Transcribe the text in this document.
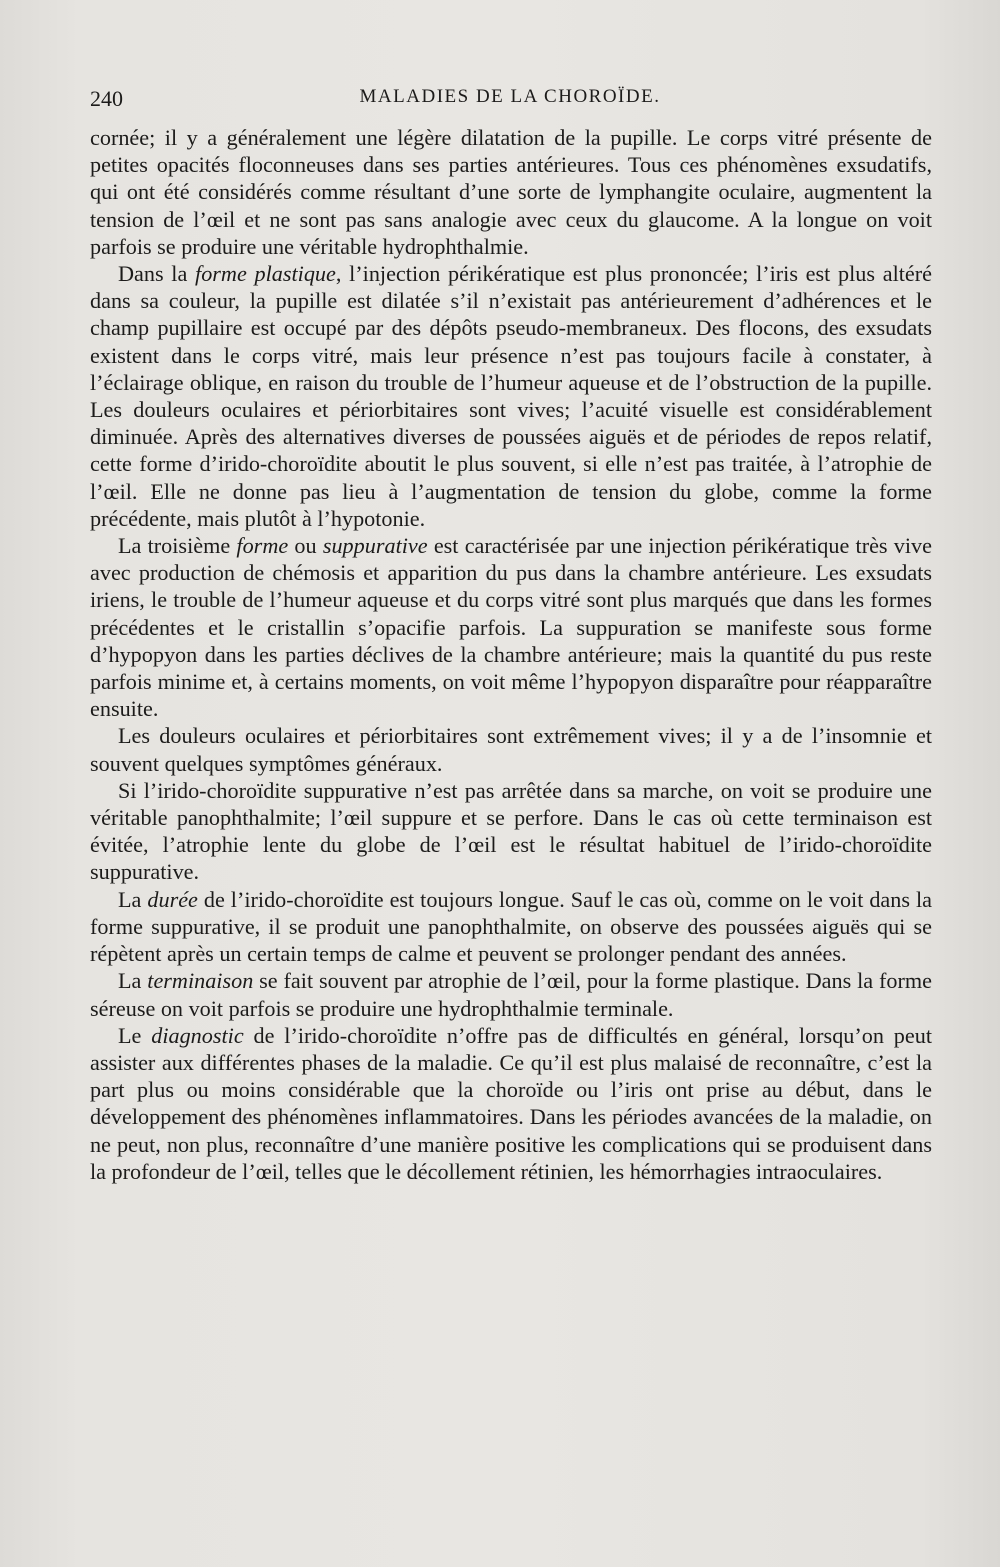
240	MALADIES DE LA CHOROÏDE.

cornée; il y a généralement une légère dilatation de la pupille. Le corps vitré présente de petites opacités floconneuses dans ses parties antérieures. Tous ces phénomènes exsudatifs, qui ont été considérés comme résultant d’une sorte de lymphangite oculaire, augmentent la tension de l’œil et ne sont pas sans analogie avec ceux du glaucome. A la longue on voit parfois se produire une véritable hydrophthalmie.

Dans la forme plastique, l’injection périkératique est plus prononcée; l’iris est plus altéré dans sa couleur, la pupille est dilatée s’il n’existait pas antérieurement d’adhérences et le champ pupillaire est occupé par des dépôts pseudo-membraneux. Des flocons, des exsudats existent dans le corps vitré, mais leur présence n’est pas toujours facile à constater, à l’éclairage oblique, en raison du trouble de l’humeur aqueuse et de l’obstruction de la pupille. Les douleurs oculaires et périorbitaires sont vives; l’acuité visuelle est considérablement diminuée. Après des alternatives diverses de poussées aiguës et de périodes de repos relatif, cette forme d’irido-choroïdite aboutit le plus souvent, si elle n’est pas traitée, à l’atrophie de l’œil. Elle ne donne pas lieu à l’augmentation de tension du globe, comme la forme précédente, mais plutôt à l’hypotonie.

La troisième forme ou suppurative est caractérisée par une injection périkératique très vive avec production de chémosis et apparition du pus dans la chambre antérieure. Les exsudats iriens, le trouble de l’humeur aqueuse et du corps vitré sont plus marqués que dans les formes précédentes et le cristallin s’opacifie parfois. La suppuration se manifeste sous forme d’hypopyon dans les parties déclives de la chambre antérieure; mais la quantité du pus reste parfois minime et, à certains moments, on voit même l’hypopyon disparaître pour réapparaître ensuite.

Les douleurs oculaires et périorbitaires sont extrêmement vives; il y a de l’insomnie et souvent quelques symptômes généraux.

Si l’irido-choroïdite suppurative n’est pas arrêtée dans sa marche, on voit se produire une véritable panophthalmite; l’œil suppure et se perfore. Dans le cas où cette terminaison est évitée, l’atrophie lente du globe de l’œil est le résultat habituel de l’irido-choroïdite suppurative.

La durée de l’irido-choroïdite est toujours longue. Sauf le cas où, comme on le voit dans la forme suppurative, il se produit une panophthalmite, on observe des poussées aiguës qui se répètent après un certain temps de calme et peuvent se prolonger pendant des années.

La terminaison se fait souvent par atrophie de l’œil, pour la forme plastique. Dans la forme séreuse on voit parfois se produire une hydrophthalmie terminale.

Le diagnostic de l’irido-choroïdite n’offre pas de difficultés en général, lorsqu’on peut assister aux différentes phases de la maladie. Ce qu’il est plus malaisé de reconnaître, c’est la part plus ou moins considérable que la choroïde ou l’iris ont prise au début, dans le développement des phénomènes inflammatoires. Dans les périodes avancées de la maladie, on ne peut, non plus, reconnaître d’une manière positive les complications qui se produisent dans la profondeur de l’œil, telles que le décollement rétinien, les hémorrhagies intraoculaires.
